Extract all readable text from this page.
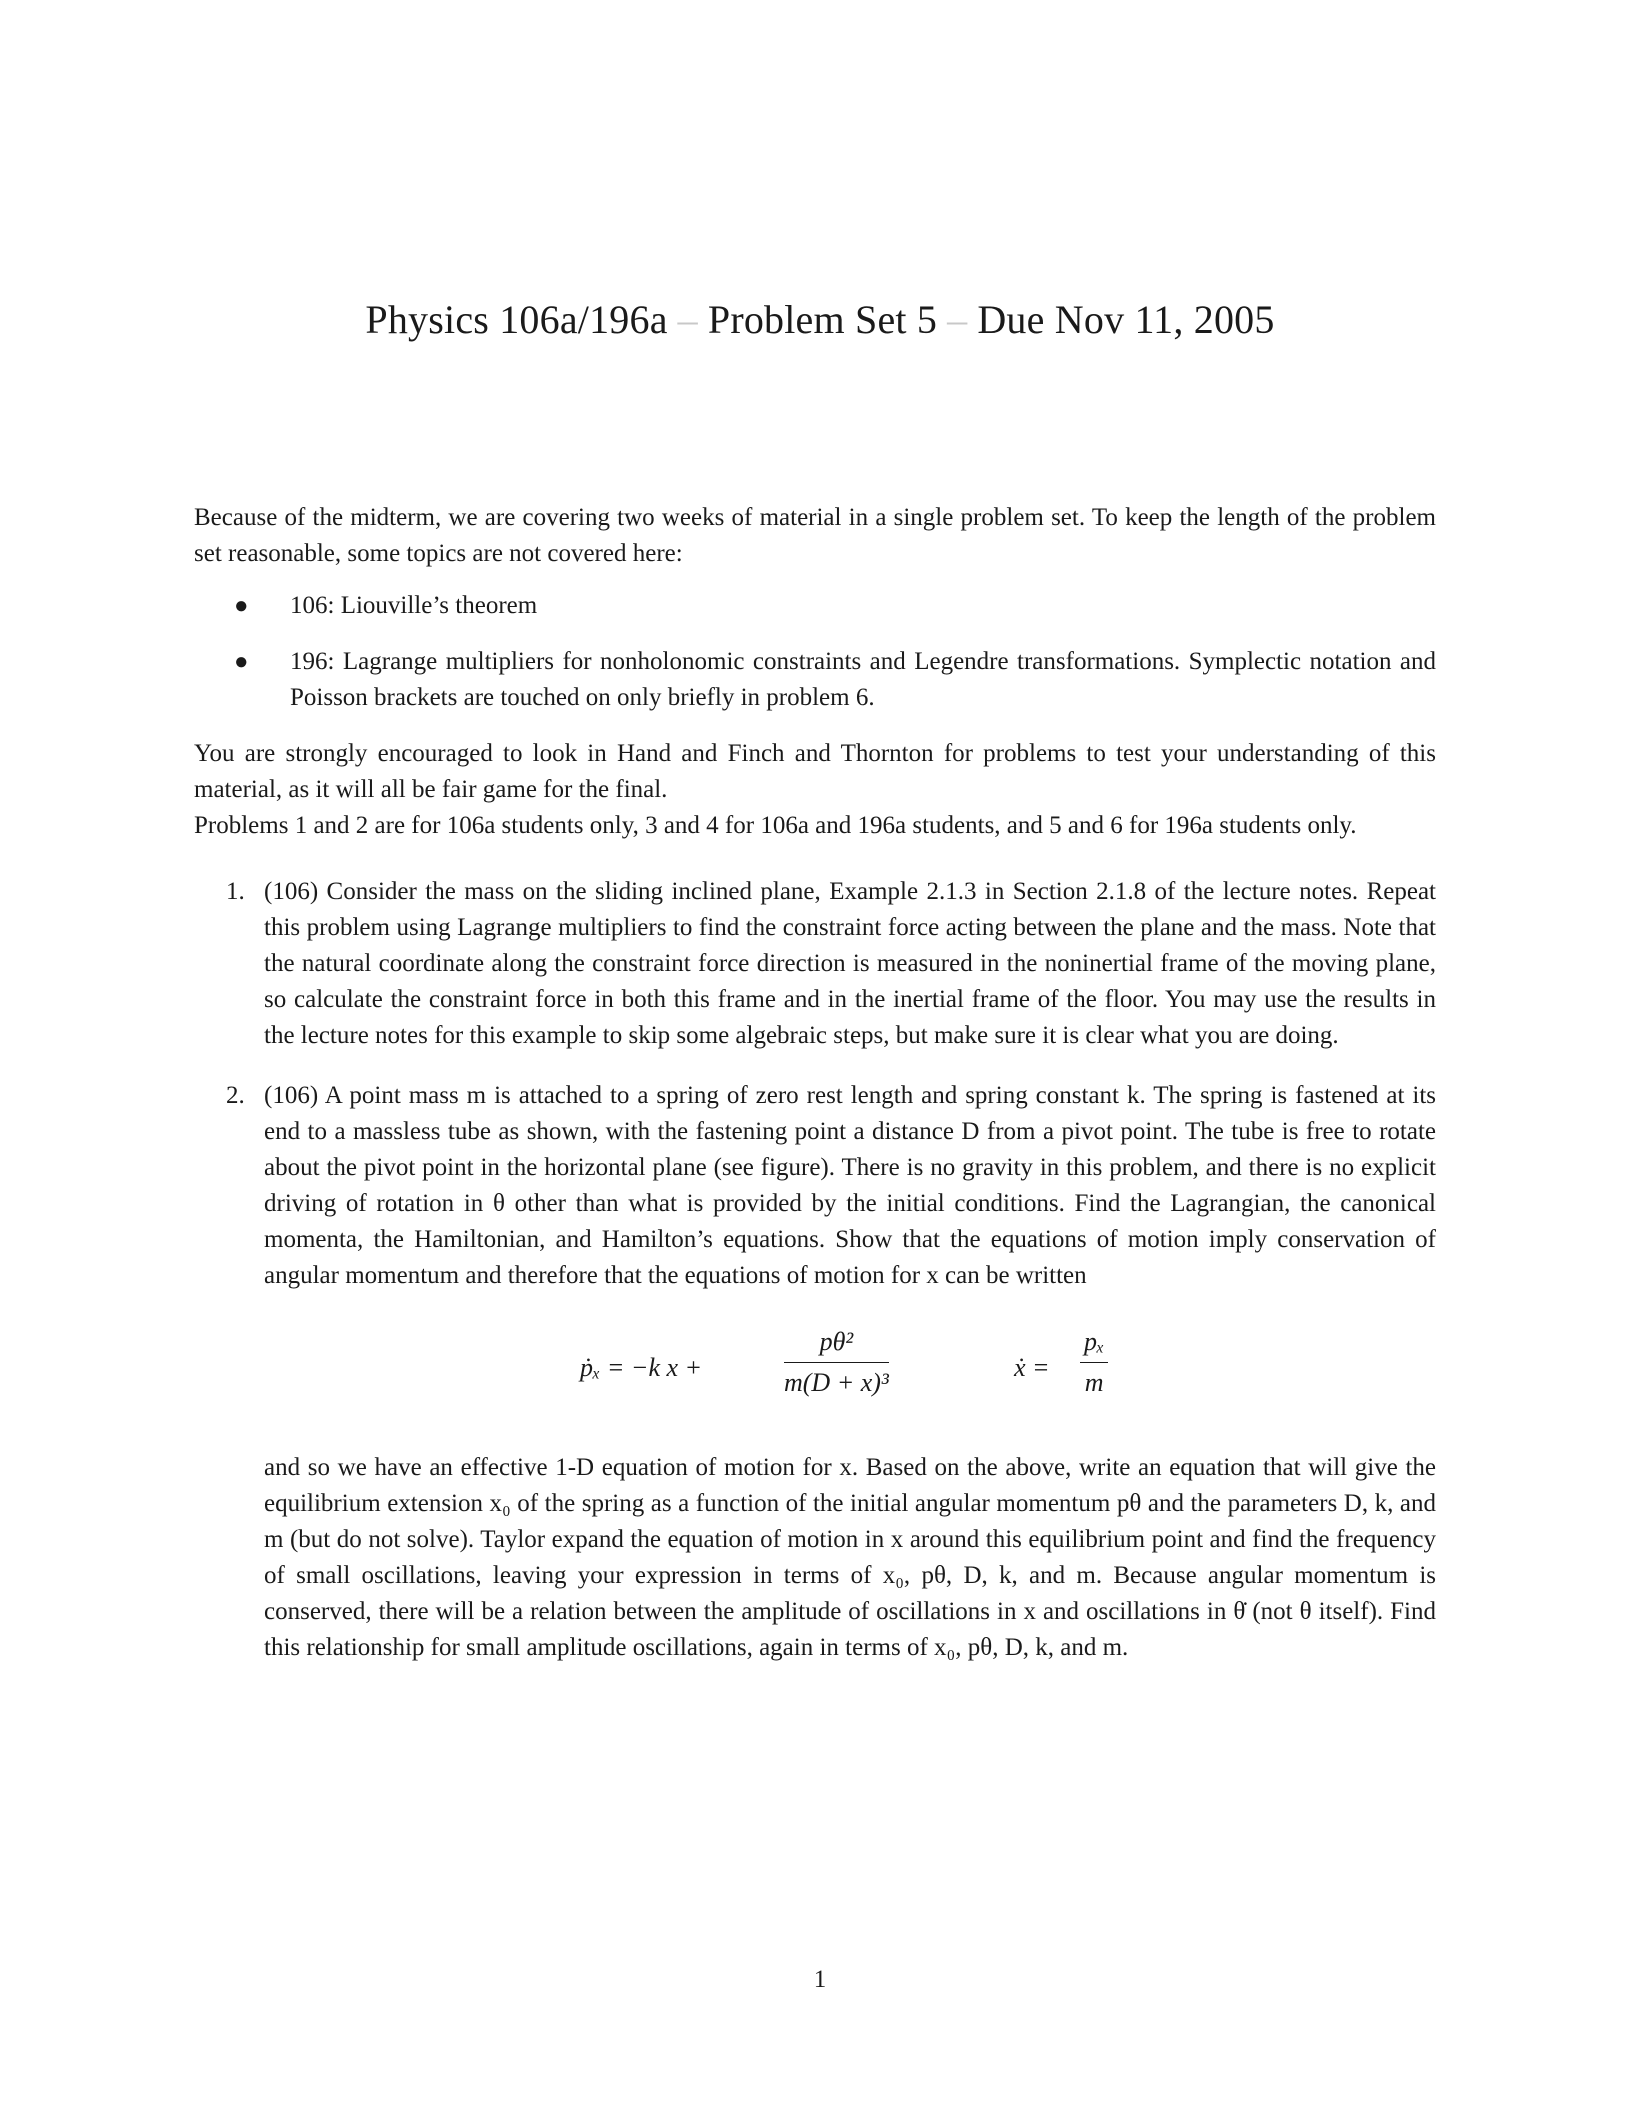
Physics 106a/196a – Problem Set 5 – Due Nov 11, 2005

Because of the midterm, we are covering two weeks of material in a single problem set. To keep the length of the problem set reasonable, some topics are not covered here:

● 106: Liouville’s theorem
● 196: Lagrange multipliers for nonholonomic constraints and Legendre transformations. Symplectic notation and Poisson brackets are touched on only briefly in problem 6.

You are strongly encouraged to look in Hand and Finch and Thornton for problems to test your understanding of this material, as it will all be fair game for the final.

Problems 1 and 2 are for 106a students only, 3 and 4 for 106a and 196a students, and 5 and 6 for 196a students only.

1. (106) Consider the mass on the sliding inclined plane, Example 2.1.3 in Section 2.1.8 of the lecture notes. Repeat this problem using Lagrange multipliers to find the constraint force acting between the plane and the mass. Note that the natural coordinate along the constraint force direction is measured in the noninertial frame of the moving plane, so calculate the constraint force in both this frame and in the inertial frame of the floor. You may use the results in the lecture notes for this example to skip some algebraic steps, but make sure it is clear what you are doing.
2. (106) A point mass m is attached to a spring of zero rest length and spring constant k. The spring is fastened at its end to a massless tube as shown, with the fastening point a distance D from a pivot point. The tube is free to rotate about the pivot point in the horizontal plane (see figure). There is no gravity in this problem, and there is no explicit driving of rotation in θ other than what is provided by the initial conditions. Find the Lagrangian, the canonical momenta, the Hamiltonian, and Hamilton’s equations. Show that the equations of motion imply conservation of angular momentum and therefore that the equations of motion for x can be written
ṗₓ = −k x +	$\frac{\text{pθ²}}{\text{m(D + x)³}}$	ẋ = $\frac{\text{pₓ}}{m}$
and so we have an effective 1-D equation of motion for x. Based on the above, write an equation that will give the equilibrium extension x₀ of the spring as a function of the initial angular momentum pθ and the parameters D, k, and m (but do not solve). Taylor expand the equation of motion in x around this equilibrium point and find the frequency of small oscillations, leaving your expression in terms of x₀, pθ, D, k, and m. Because angular momentum is conserved, there will be a relation between the amplitude of oscillations in x and oscillations in θ̇ (not θ itself). Find this relationship for small amplitude oscillations, again in terms of x₀, pθ, D, k, and m.
1
